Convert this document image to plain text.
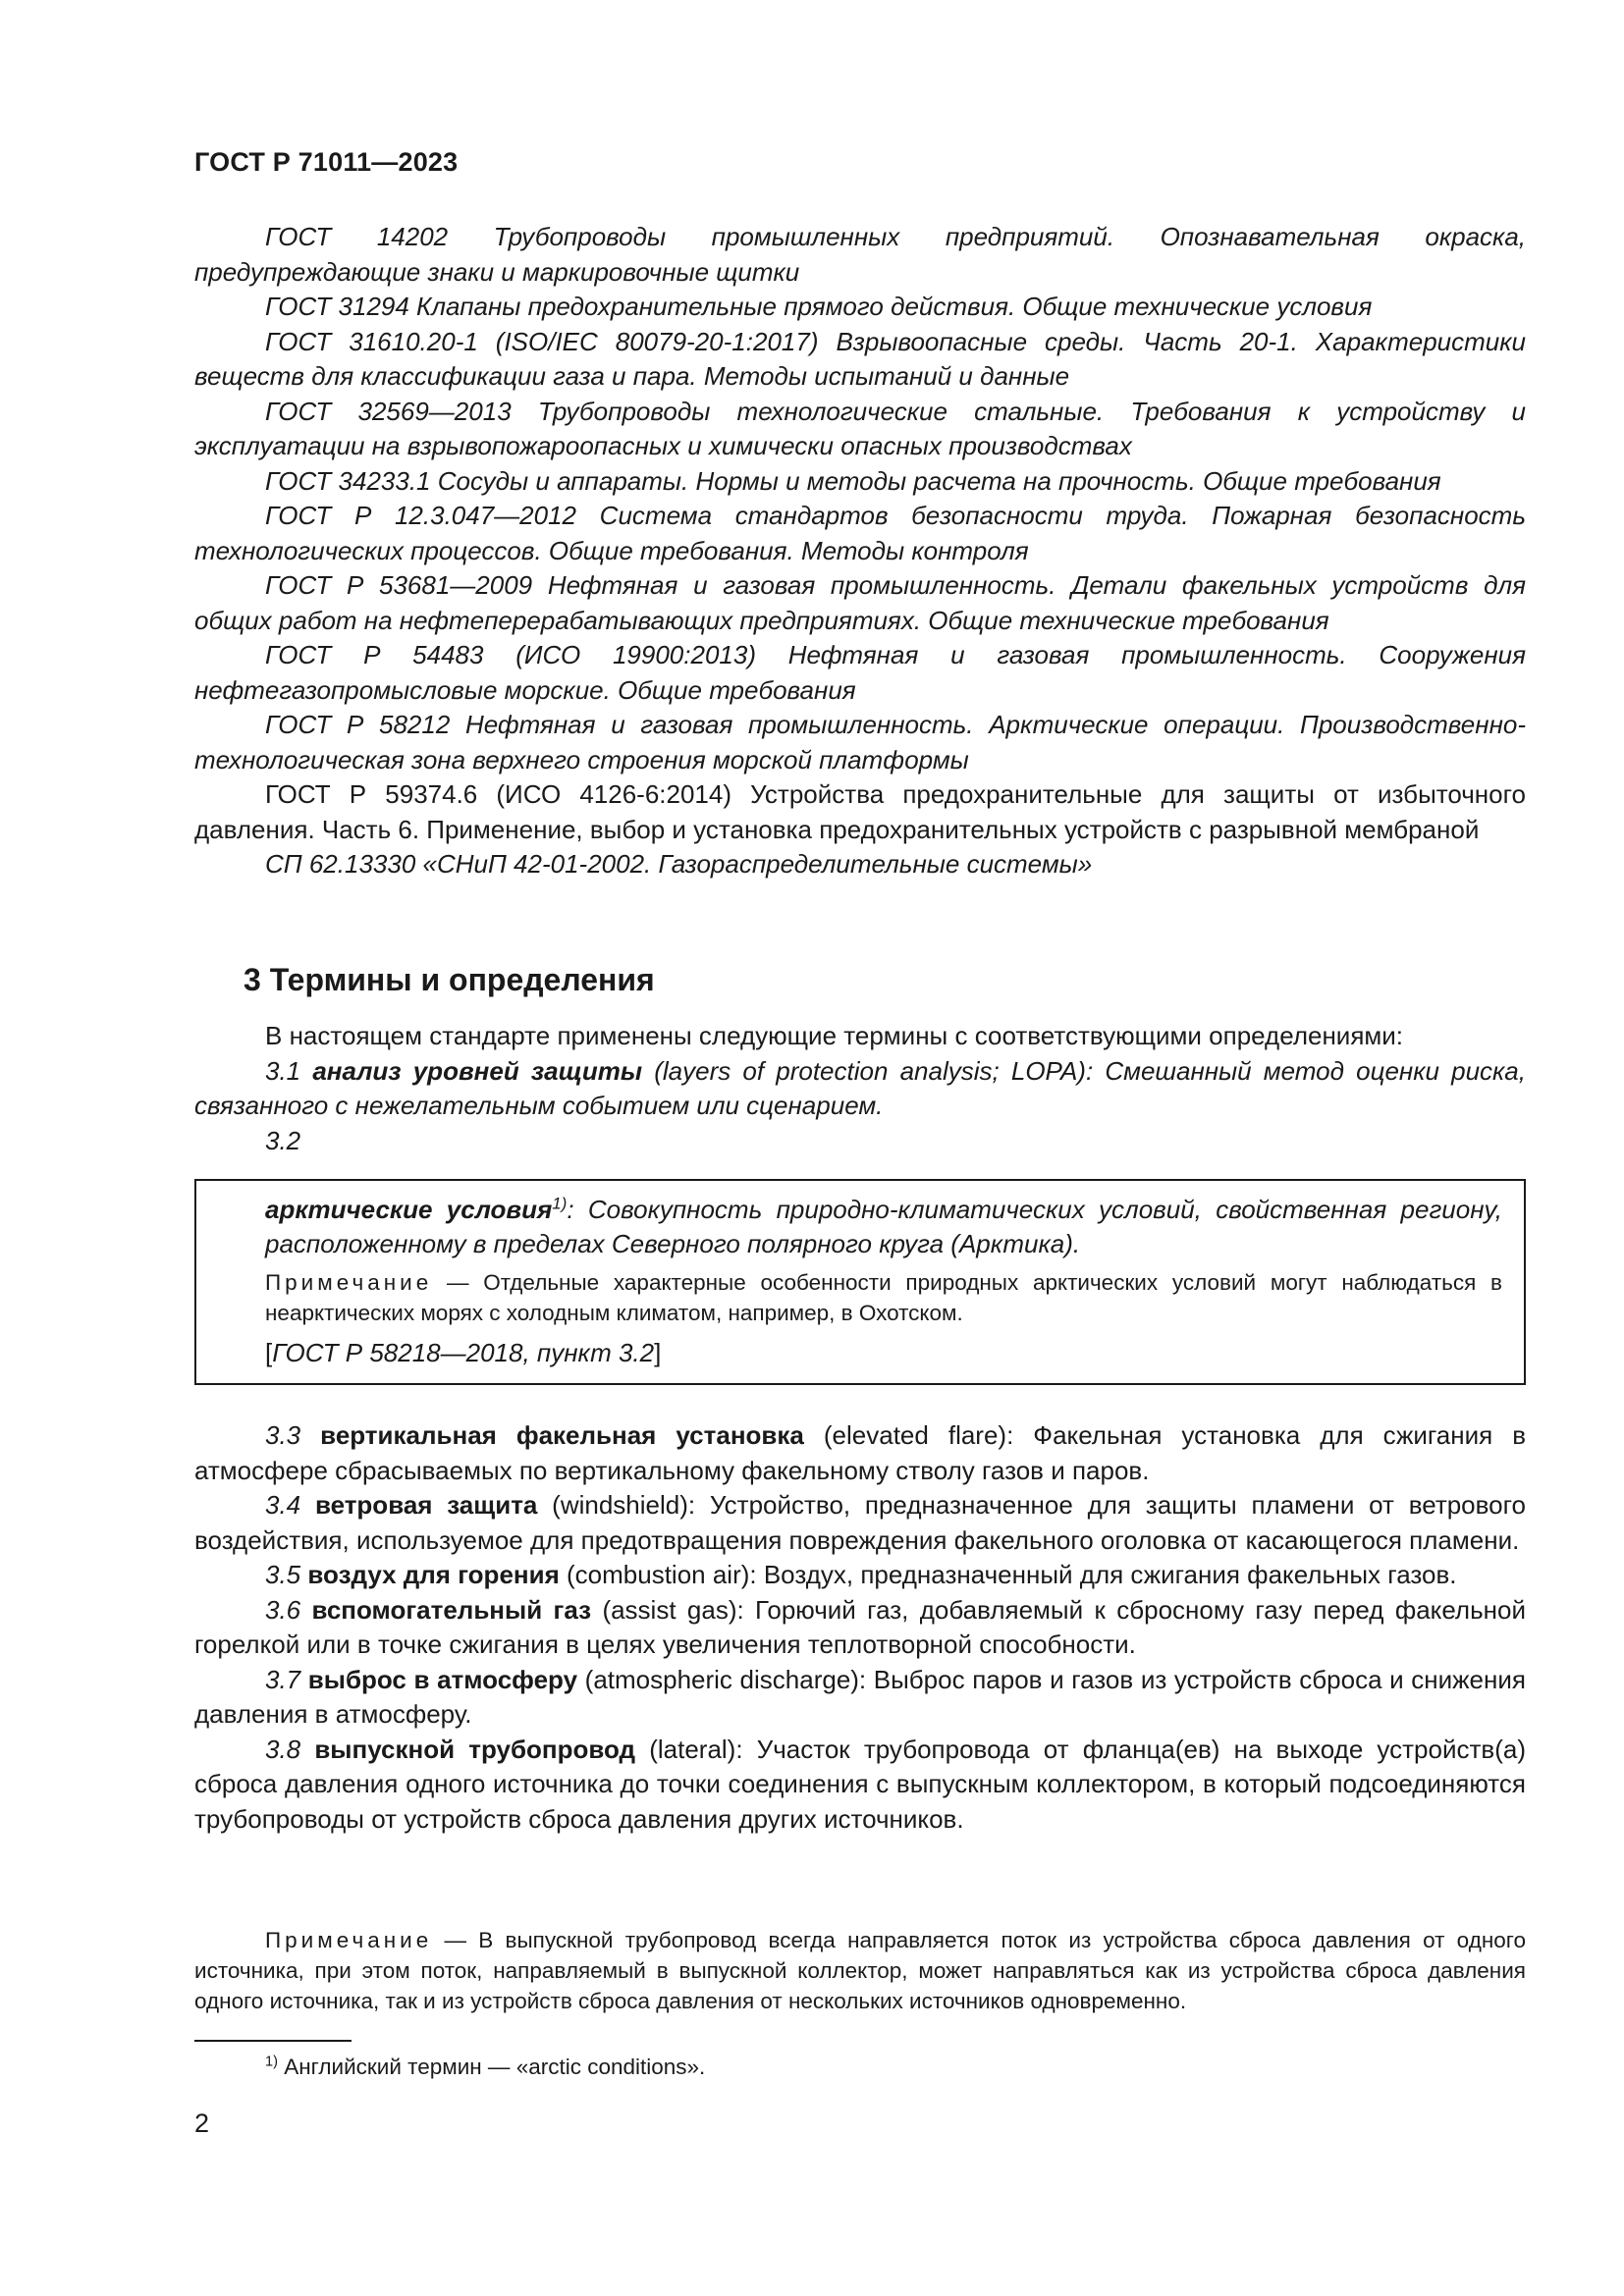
ГОСТ Р 71011—2023

ГОСТ 14202 Трубопроводы промышленных предприятий. Опознавательная окраска, предупреждающие знаки и маркировочные щитки

ГОСТ 31294 Клапаны предохранительные прямого действия. Общие технические условия

ГОСТ 31610.20-1 (ISO/IEC 80079-20-1:2017) Взрывоопасные среды. Часть 20-1. Характеристики веществ для классификации газа и пара. Методы испытаний и данные

ГОСТ 32569—2013 Трубопроводы технологические стальные. Требования к устройству и эксплуатации на взрывопожароопасных и химически опасных производствах

ГОСТ 34233.1 Сосуды и аппараты. Нормы и методы расчета на прочность. Общие требования

ГОСТ Р 12.3.047—2012 Система стандартов безопасности труда. Пожарная безопасность технологических процессов. Общие требования. Методы контроля

ГОСТ Р 53681—2009 Нефтяная и газовая промышленность. Детали факельных устройств для общих работ на нефтеперерабатывающих предприятиях. Общие технические требования

ГОСТ Р 54483 (ИСО 19900:2013) Нефтяная и газовая промышленность. Сооружения нефтегазопромысловые морские. Общие требования

ГОСТ Р 58212 Нефтяная и газовая промышленность. Арктические операции. Производственно-технологическая зона верхнего строения морской платформы

ГОСТ Р 59374.6 (ИСО 4126-6:2014) Устройства предохранительные для защиты от избыточного давления. Часть 6. Применение, выбор и установка предохранительных устройств с разрывной мембраной

СП 62.13330 «СНиП 42-01-2002. Газораспределительные системы»

3 Термины и определения

В настоящем стандарте применены следующие термины с соответствующими определениями:

3.1 анализ уровней защиты (layers of protection analysis; LOPA): Смешанный метод оценки риска, связанного с нежелательным событием или сценарием.

3.2

арктические условия$^{1)}$: Совокупность природно-климатических условий, свойственная региону, расположенному в пределах Северного полярного круга (Арктика).

Примечание — Отдельные характерные особенности природных арктических условий могут наблюдаться в неарктических морях с холодным климатом, например, в Охотском.

[ГОСТ Р 58218—2018, пункт 3.2]

3.3 вертикальная факельная установка (elevated flare): Факельная установка для сжигания в атмосфере сбрасываемых по вертикальному факельному стволу газов и паров.

3.4 ветровая защита (windshield): Устройство, предназначенное для защиты пламени от ветрового воздействия, используемое для предотвращения повреждения факельного оголовка от касающегося пламени.

3.5 воздух для горения (combustion air): Воздух, предназначенный для сжигания факельных газов.

3.6 вспомогательный газ (assist gas): Горючий газ, добавляемый к сбросному газу перед факельной горелкой или в точке сжигания в целях увеличения теплотворной способности.

3.7 выброс в атмосферу (atmospheric discharge): Выброс паров и газов из устройств сброса и снижения давления в атмосферу.

3.8 выпускной трубопровод (lateral): Участок трубопровода от фланца(ев) на выходе устройств(а) сброса давления одного источника до точки соединения с выпускным коллектором, в который подсоединяются трубопроводы от устройств сброса давления других источников.

Примечание — В выпускной трубопровод всегда направляется поток из устройства сброса давления от одного источника, при этом поток, направляемый в выпускной коллектор, может направляться как из устройства сброса давления одного источника, так и из устройств сброса давления от нескольких источников одновременно.

$^{1)}$ Английский термин — «arctic conditions».
2
